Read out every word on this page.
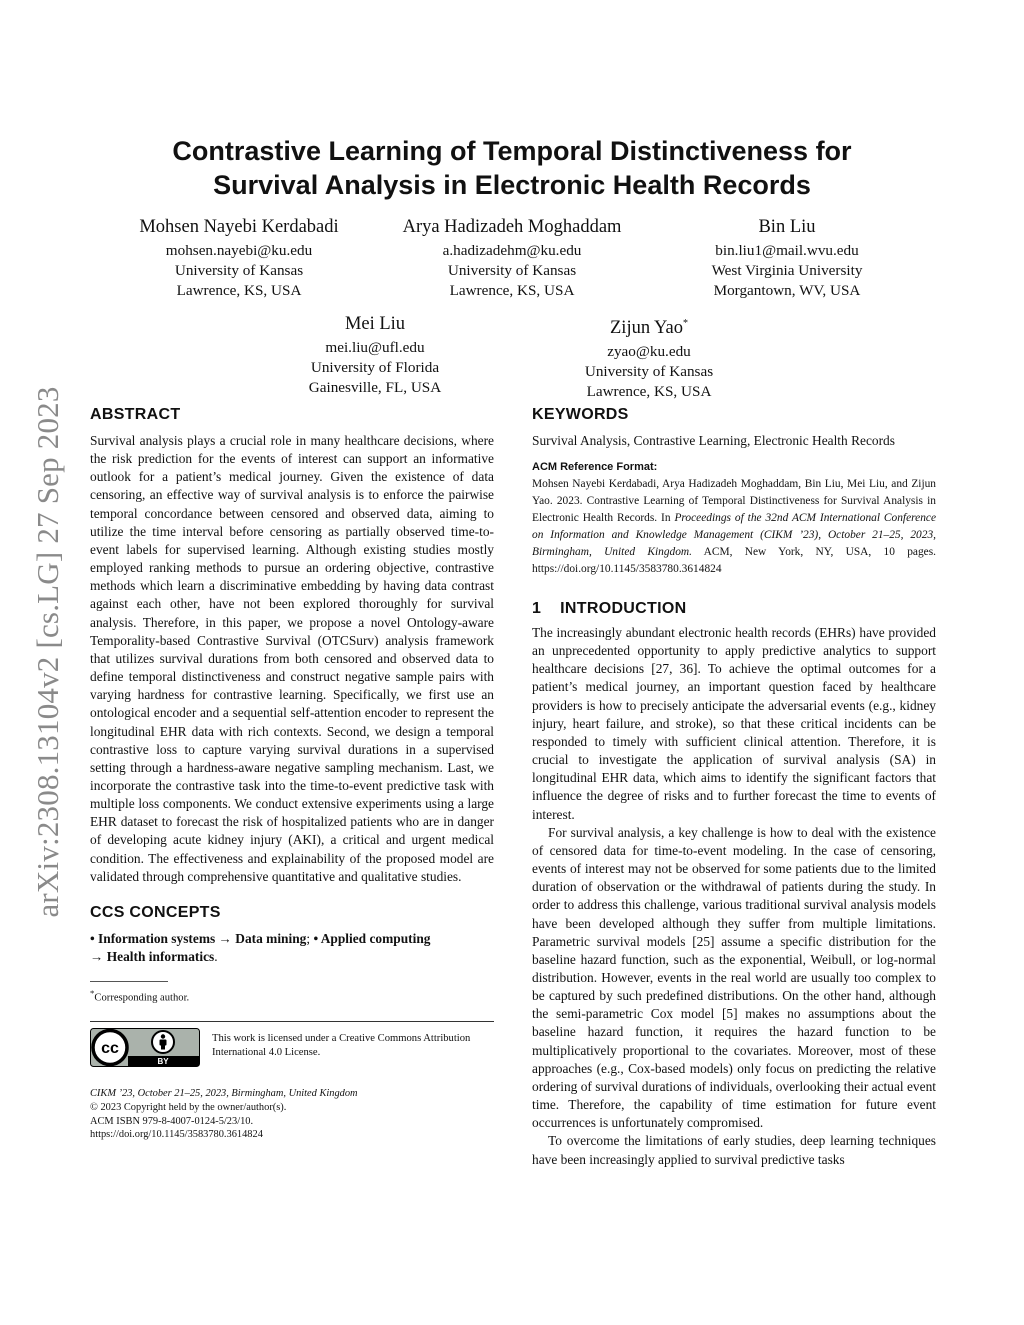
arXiv:2308.13104v2 [cs.LG] 27 Sep 2023
Contrastive Learning of Temporal Distinctiveness for
Survival Analysis in Electronic Health Records
Mohsen Nayebi Kerdabadi
mohsen.nayebi@ku.edu
University of Kansas
Lawrence, KS, USA
Arya Hadizadeh Moghaddam
a.hadizadehm@ku.edu
University of Kansas
Lawrence, KS, USA
Bin Liu
bin.liu1@mail.wvu.edu
West Virginia University
Morgantown, WV, USA
Mei Liu
mei.liu@ufl.edu
University of Florida
Gainesville, FL, USA
Zijun Yao*
zyao@ku.edu
University of Kansas
Lawrence, KS, USA
ABSTRACT

Survival analysis plays a crucial role in many healthcare decisions, where the risk prediction for the events of interest can support an informative outlook for a patient’s medical journey. Given the existence of data censoring, an effective way of survival analysis is to enforce the pairwise temporal concordance between censored and observed data, aiming to utilize the time interval before censoring as partially observed time-to-event labels for supervised learning. Although existing studies mostly employed ranking methods to pursue an ordering objective, contrastive methods which learn a discriminative embedding by having data contrast against each other, have not been explored thoroughly for survival analysis. Therefore, in this paper, we propose a novel Ontology-aware Temporality-based Contrastive Survival (OTCSurv) analysis framework that utilizes survival durations from both censored and observed data to define temporal distinctiveness and construct negative sample pairs with varying hardness for contrastive learning. Specifically, we first use an ontological encoder and a sequential self-attention encoder to represent the longitudinal EHR data with rich contexts. Second, we design a temporal contrastive loss to capture varying survival durations in a supervised setting through a hardness-aware negative sampling mechanism. Last, we incorporate the contrastive task into the time-to-event predictive task with multiple loss components. We conduct extensive experiments using a large EHR dataset to forecast the risk of hospitalized patients who are in danger of developing acute kidney injury (AKI), a critical and urgent medical condition. The effectiveness and explainability of the proposed model are validated through comprehensive quantitative and qualitative studies.

CCS CONCEPTS

• Information systems → Data mining; • Applied computing
→ Health informatics.

*Corresponding author.

cc
BY
This work is licensed under a Creative Commons Attribution
International 4.0 License.

CIKM ’23, October 21–25, 2023, Birmingham, United Kingdom

© 2023 Copyright held by the owner/author(s).

ACM ISBN 979-8-4007-0124-5/23/10.

https://doi.org/10.1145/3583780.3614824

KEYWORDS

Survival Analysis, Contrastive Learning, Electronic Health Records

ACM Reference Format:

Mohsen Nayebi Kerdabadi, Arya Hadizadeh Moghaddam, Bin Liu, Mei Liu, and Zijun Yao. 2023. Contrastive Learning of Temporal Distinctiveness for Survival Analysis in Electronic Health Records. In Proceedings of the 32nd ACM International Conference on Information and Knowledge Management (CIKM ’23), October 21–25, 2023, Birmingham, United Kingdom. ACM, New York, NY, USA, 10 pages. https://doi.org/10.1145/3583780.3614824

1    INTRODUCTION

The increasingly abundant electronic health records (EHRs) have provided an unprecedented opportunity to apply predictive analytics to support healthcare decisions [27, 36]. To achieve the optimal outcomes for a patient’s medical journey, an important question faced by healthcare providers is how to precisely anticipate the adversarial events (e.g., kidney injury, heart failure, and stroke), so that these critical incidents can be responded to timely with sufficient clinical attention. Therefore, it is crucial to investigate the application of survival analysis (SA) in longitudinal EHR data, which aims to identify the significant factors that influence the degree of risks and to further forecast the time to events of interest.

For survival analysis, a key challenge is how to deal with the existence of censored data for time-to-event modeling. In the case of censoring, events of interest may not be observed for some patients due to the limited duration of observation or the withdrawal of patients during the study. In order to address this challenge, various traditional survival analysis models have been developed although they suffer from multiple limitations. Parametric survival models [25] assume a specific distribution for the baseline hazard function, such as the exponential, Weibull, or log-normal distribution. However, events in the real world are usually too complex to be captured by such predefined distributions. On the other hand, although the semi-parametric Cox model [5] makes no assumptions about the baseline hazard function, it requires the hazard function to be multiplicatively proportional to the covariates. Moreover, most of these approaches (e.g., Cox-based models) only focus on predicting the relative ordering of survival durations of individuals, overlooking their actual event time. Therefore, the capability of time estimation for future event occurrences is unfortunately compromised.

To overcome the limitations of early studies, deep learning techniques have been increasingly applied to survival predictive tasks
